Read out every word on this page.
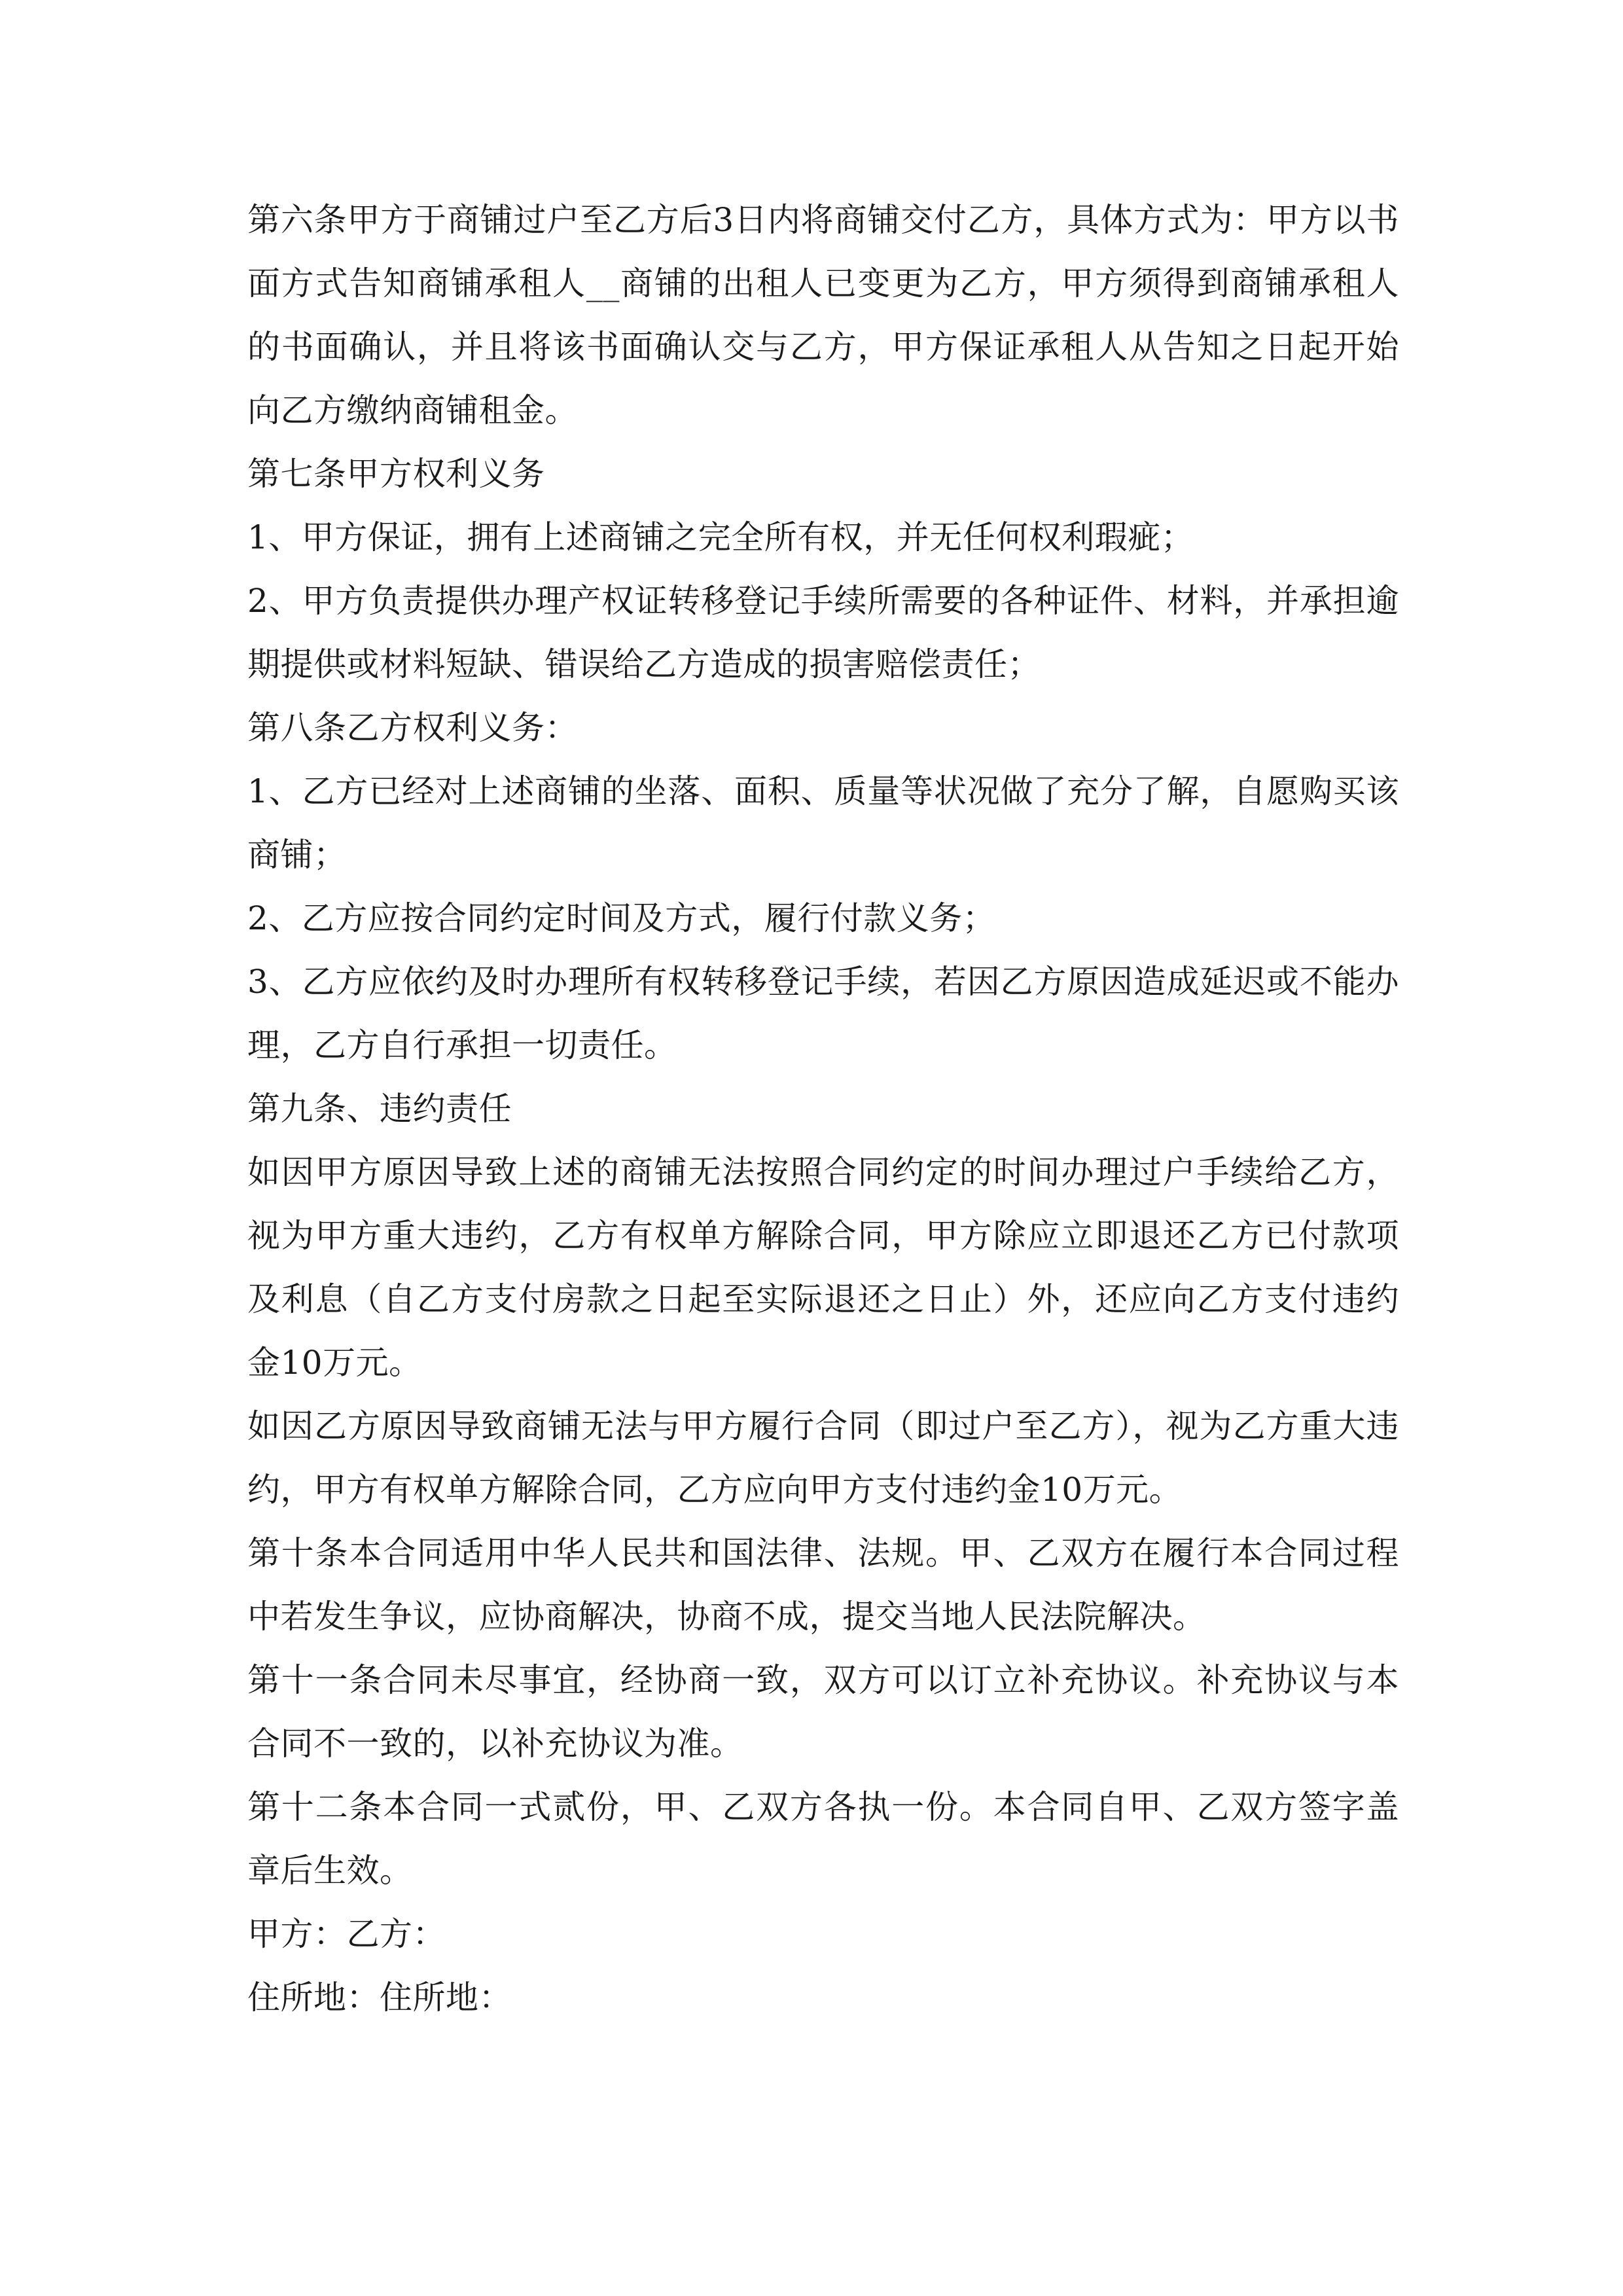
第六条甲方于商铺过户至乙方后3日内将商铺交付乙方，具体方式为：甲方以书面方式告知商铺承租人__商铺的出租人已变更为乙方，甲方须得到商铺承租人的书面确认，并且将该书面确认交与乙方，甲方保证承租人从告知之日起开始向乙方缴纳商铺租金。

第七条甲方权利义务

1、甲方保证，拥有上述商铺之完全所有权，并无任何权利瑕疵；

2、甲方负责提供办理产权证转移登记手续所需要的各种证件、材料，并承担逾期提供或材料短缺、错误给乙方造成的损害赔偿责任；

第八条乙方权利义务：

1、乙方已经对上述商铺的坐落、面积、质量等状况做了充分了解，自愿购买该商铺；

2、乙方应按合同约定时间及方式，履行付款义务；

3、乙方应依约及时办理所有权转移登记手续，若因乙方原因造成延迟或不能办理，乙方自行承担一切责任。

第九条、违约责任

如因甲方原因导致上述的商铺无法按照合同约定的时间办理过户手续给乙方，视为甲方重大违约，乙方有权单方解除合同，甲方除应立即退还乙方已付款项及利息（自乙方支付房款之日起至实际退还之日止）外，还应向乙方支付违约金10万元。

如因乙方原因导致商铺无法与甲方履行合同（即过户至乙方），视为乙方重大违约，甲方有权单方解除合同，乙方应向甲方支付违约金10万元。

第十条本合同适用中华人民共和国法律、法规。甲、乙双方在履行本合同过程中若发生争议，应协商解决，协商不成，提交当地人民法院解决。

第十一条合同未尽事宜，经协商一致，双方可以订立补充协议。补充协议与本合同不一致的，以补充协议为准。

第十二条本合同一式贰份，甲、乙双方各执一份。本合同自甲、乙双方签字盖章后生效。

甲方：乙方：

住所地：住所地：
